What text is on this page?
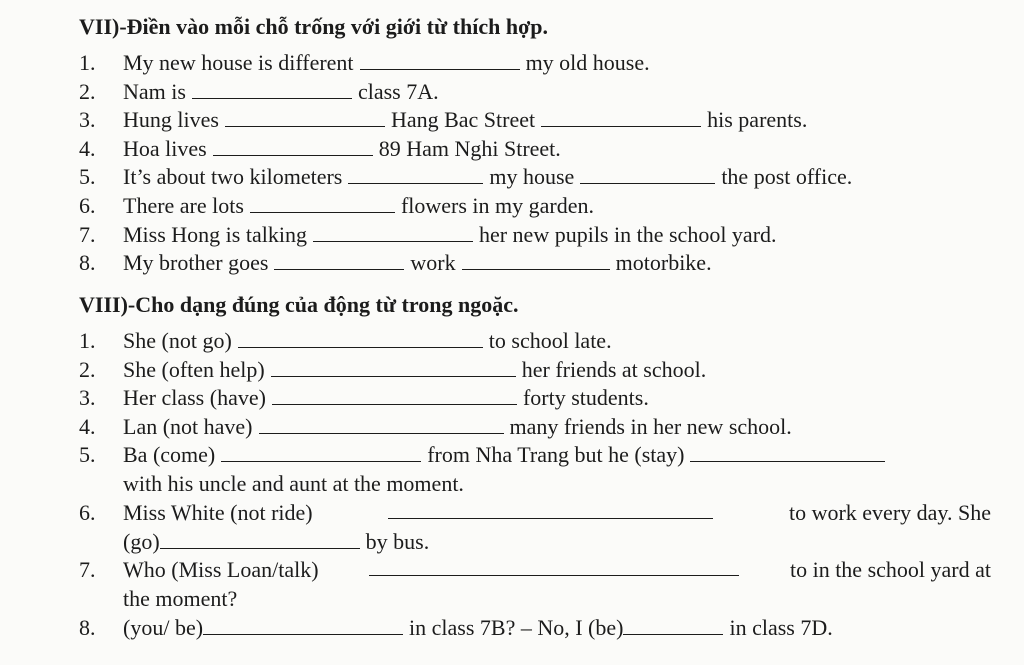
VII)-Điền vào mỗi chỗ trống với giới từ thích hợp.
1. My new house is different	my old house.
2. Nam is	class 7A.
3. Hung lives	Hang Bac Street	his parents.
4. Hoa lives	89 Ham Nghi Street.
5. It’s about two kilometers	my house	the post office.
6. There are lots	flowers in my garden.
7. Miss Hong is talking	her new pupils in the school yard.
8. My brother goes	work	motorbike.
VIII)-Cho dạng đúng của động từ trong ngoặc.
1. She (not go)	to school late.
2. She (often help)	her friends at school.
3. Her class (have)	forty students.
4. Lan (not have)	many friends in her new school.
5. Ba (come)	from Nha Trang but he (stay)
with his uncle and aunt at the moment.
6. Miss White (not ride)	to work every day. She
(go)	by bus.
7. Who (Miss Loan/talk)	to in the school yard at
the moment?
8. (you/ be)	in class 7B? – No, I (be)	in class 7D.
